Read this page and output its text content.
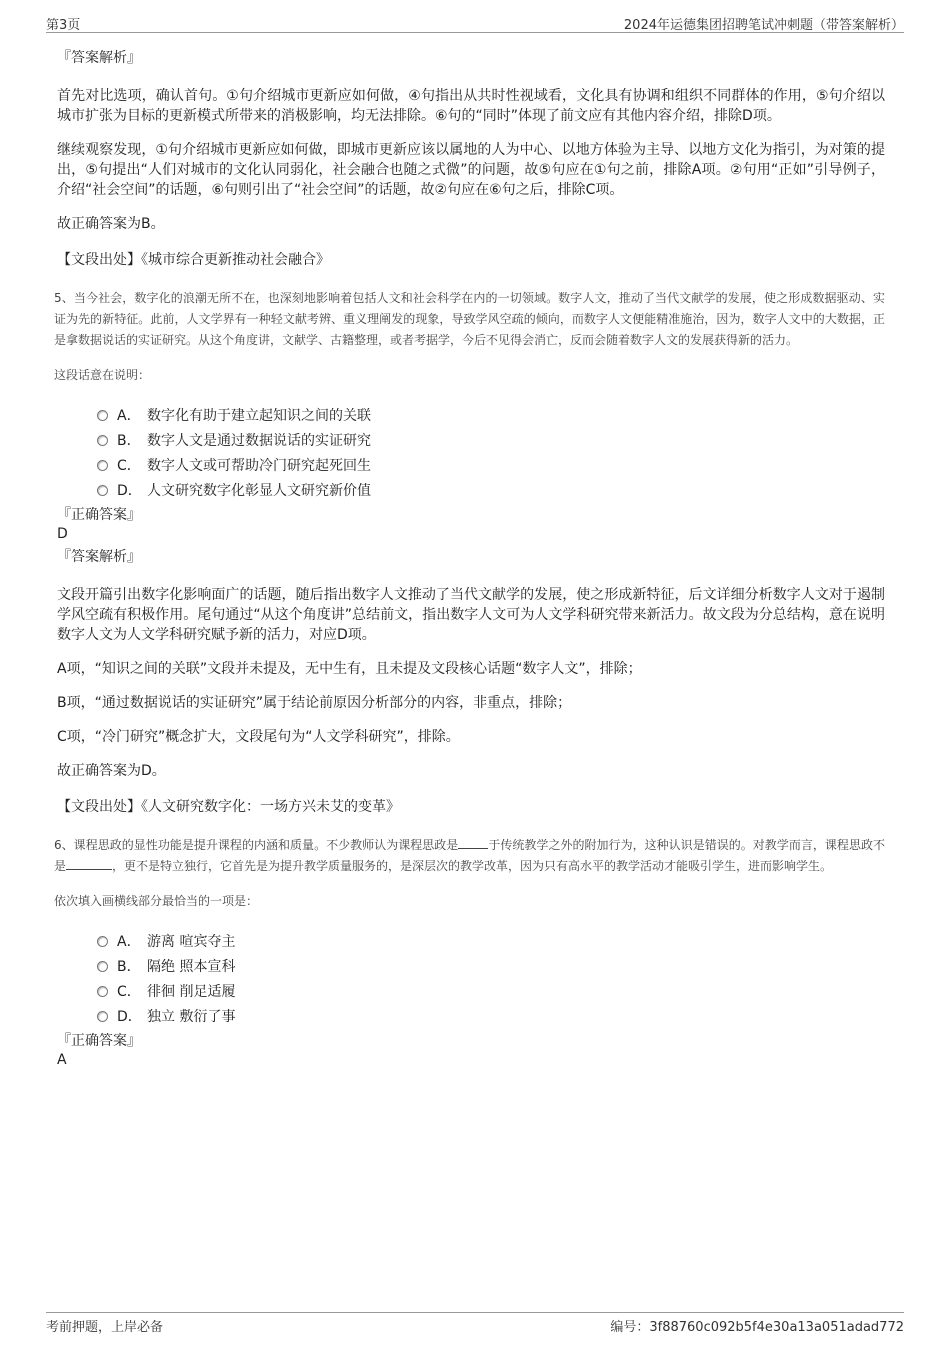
第3页	2024年运德集团招聘笔试冲刺题（带答案解析）

『答案解析』

首先对比选项，确认首句。①句介绍城市更新应如何做，④句指出从共时性视域看，文化具有协调和组织不同群体的作用，⑤句介绍以城市扩张为目标的更新模式所带来的消极影响，均无法排除。⑥句的“同时”体现了前文应有其他内容介绍，排除D项。

继续观察发现，①句介绍城市更新应如何做，即城市更新应该以属地的人为中心、以地方体验为主导、以地方文化为指引，为对策的提出，⑤句提出“人们对城市的文化认同弱化，社会融合也随之式微”的问题，故⑤句应在①句之前，排除A项。②句用“正如”引导例子，介绍“社会空间”的话题，⑥句则引出了“社会空间”的话题，故②句应在⑥句之后，排除C项。

故正确答案为B。

【文段出处】《城市综合更新推动社会融合》

5、当今社会，数字化的浪潮无所不在，也深刻地影响着包括人文和社会科学在内的一切领域。数字人文，推动了当代文献学的发展，使之形成数据驱动、实证为先的新特征。此前，人文学界有一种轻文献考辨、重义理阐发的现象，导致学风空疏的倾向，而数字人文便能精准施治，因为，数字人文中的大数据，正是拿数据说话的实证研究。从这个角度讲，文献学、古籍整理，或者考据学，今后不见得会消亡，反而会随着数字人文的发展获得新的活力。

这段话意在说明：

A． 数字化有助于建立起知识之间的关联
B． 数字人文是通过数据说话的实证研究
C． 数字人文或可帮助冷门研究起死回生
D． 人文研究数字化彰显人文研究新价值

『正确答案』

D

『答案解析』

文段开篇引出数字化影响面广的话题，随后指出数字人文推动了当代文献学的发展，使之形成新特征，后文详细分析数字人文对于遏制学风空疏有积极作用。尾句通过“从这个角度讲”总结前文，指出数字人文可为人文学科研究带来新活力。故文段为分总结构，意在说明数字人文为人文学科研究赋予新的活力，对应D项。

A项，“知识之间的关联”文段并未提及，无中生有，且未提及文段核心话题“数字人文”，排除；

B项，“通过数据说话的实证研究”属于结论前原因分析部分的内容，非重点，排除；

C项，“冷门研究”概念扩大，文段尾句为“人文学科研究”，排除。

故正确答案为D。

【文段出处】《人文研究数字化：一场方兴未艾的变革》

6、课程思政的显性功能是提升课程的内涵和质量。不少教师认为课程思政是	于传统教学之外的附加行为，这种认识是错误的。对教学而言，课程思政不是	，更不是特立独行，它首先是为提升教学质量服务的，是深层次的教学改革，因为只有高水平的教学活动才能吸引学生，进而影响学生。

依次填入画横线部分最恰当的一项是：

A． 游离 喧宾夺主
B． 隔绝 照本宣科
C． 徘徊 削足适履
D． 独立 敷衍了事

『正确答案』

A

考前押题，上岸必备	编号：3f88760c092b5f4e30a13a051adad772
